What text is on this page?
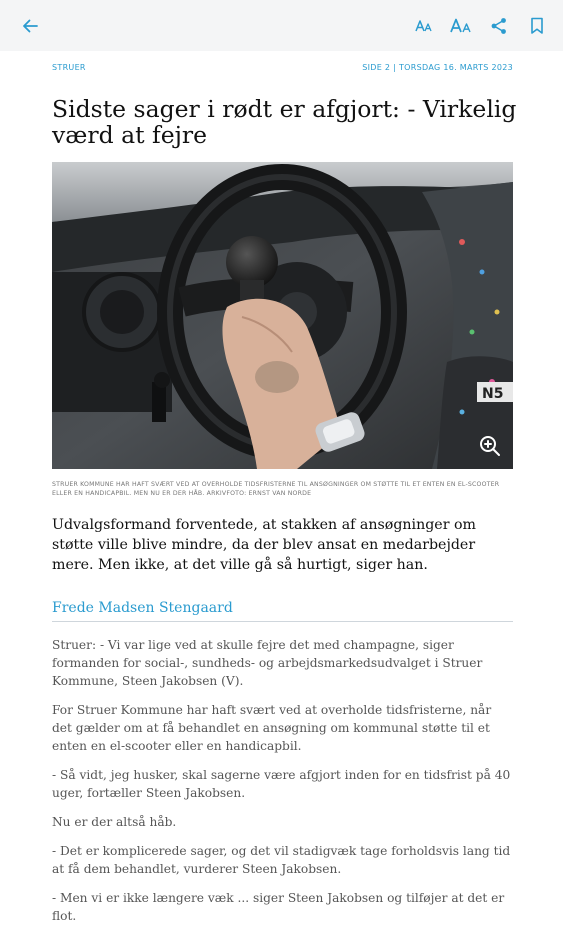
STRUER	SIDE 2 | TORSDAG 16. MARTS 2023
Sidste sager i rødt er afgjort: - Virkelig værd at fejre
N5

STRUER KOMMUNE HAR HAFT SVÆRT VED AT OVERHOLDE TIDSFRISTERNE TIL ANSØGNINGER OM STØTTE TIL ET ENTEN EN EL-SCOOTER ELLER EN HANDICAPBIL. MEN NU ER DER HÅB. ARKIVFOTO: ERNST VAN NORDE

Udvalgsformand forventede, at stakken af ansøgninger om støtte ville blive mindre, da der blev ansat en medarbejder mere. Men ikke, at det ville gå så hurtigt, siger han.

Frede Madsen Stengaard

Struer: - Vi var lige ved at skulle fejre det med champagne, siger formanden for social-, sundheds- og arbejdsmarkedsudvalget i Struer Kommune, Steen Jakobsen (V).

For Struer Kommune har haft svært ved at overholde tidsfristerne, når det gælder om at få behandlet en ansøgning om kommunal støtte til et enten en el-scooter eller en handicapbil.

- Så vidt, jeg husker, skal sagerne være afgjort inden for en tidsfrist på 40 uger, fortæller Steen Jakobsen.

Nu er der altså håb.

- Det er komplicerede sager, og det vil stadigvæk tage forholdsvis lang tid at få dem behandlet, vurderer Steen Jakobsen.

- Men vi er ikke længere væk ... siger Steen Jakobsen og tilføjer at det er flot.
